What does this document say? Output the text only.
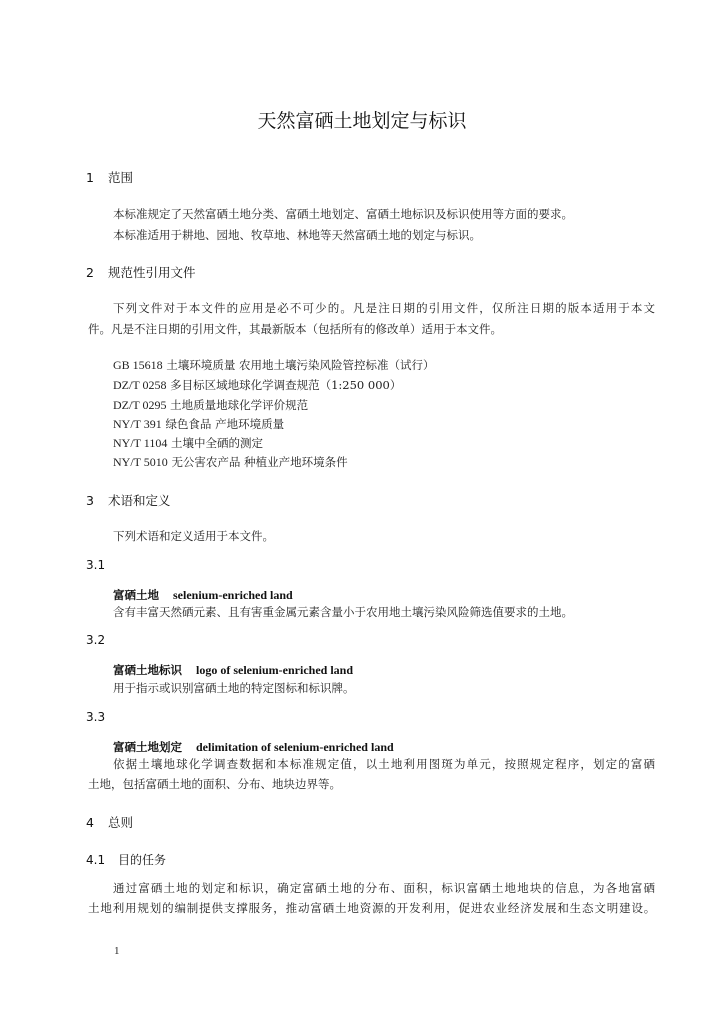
天然富硒土地划定与标识
1 范围
本标准规定了天然富硒土地分类、富硒土地划定、富硒土地标识及标识使用等方面的要求。
本标准适用于耕地、园地、牧草地、林地等天然富硒土地的划定与标识。
2 规范性引用文件
下列文件对于本文件的应用是必不可少的。凡是注日期的引用文件，仅所注日期的版本适用于本文
件。凡是不注日期的引用文件，其最新版本（包括所有的修改单）适用于本文件。
GB 15618 土壤环境质量 农用地土壤污染风险管控标准（试行）
DZ/T 0258 多目标区域地球化学调查规范（1:250 000）
DZ/T 0295 土地质量地球化学评价规范
NY/T 391 绿色食品 产地环境质量
NY/T 1104 土壤中全硒的测定
NY/T 5010 无公害农产品 种植业产地环境条件
3 术语和定义
下列术语和定义适用于本文件。
3.1
富硒土地 selenium-enriched land
含有丰富天然硒元素、且有害重金属元素含量小于农用地土壤污染风险筛选值要求的土地。
3.2
富硒土地标识 logo of selenium-enriched land
用于指示或识别富硒土地的特定图标和标识牌。
3.3
富硒土地划定 delimitation of selenium-enriched land
依据土壤地球化学调查数据和本标准规定值，以土地利用图斑为单元，按照规定程序，划定的富硒
土地，包括富硒土地的面积、分布、地块边界等。
4 总则
4.1 目的任务
通过富硒土地的划定和标识，确定富硒土地的分布、面积，标识富硒土地地块的信息，为各地富硒
土地利用规划的编制提供支撑服务，推动富硒土地资源的开发利用，促进农业经济发展和生态文明建设。
1
